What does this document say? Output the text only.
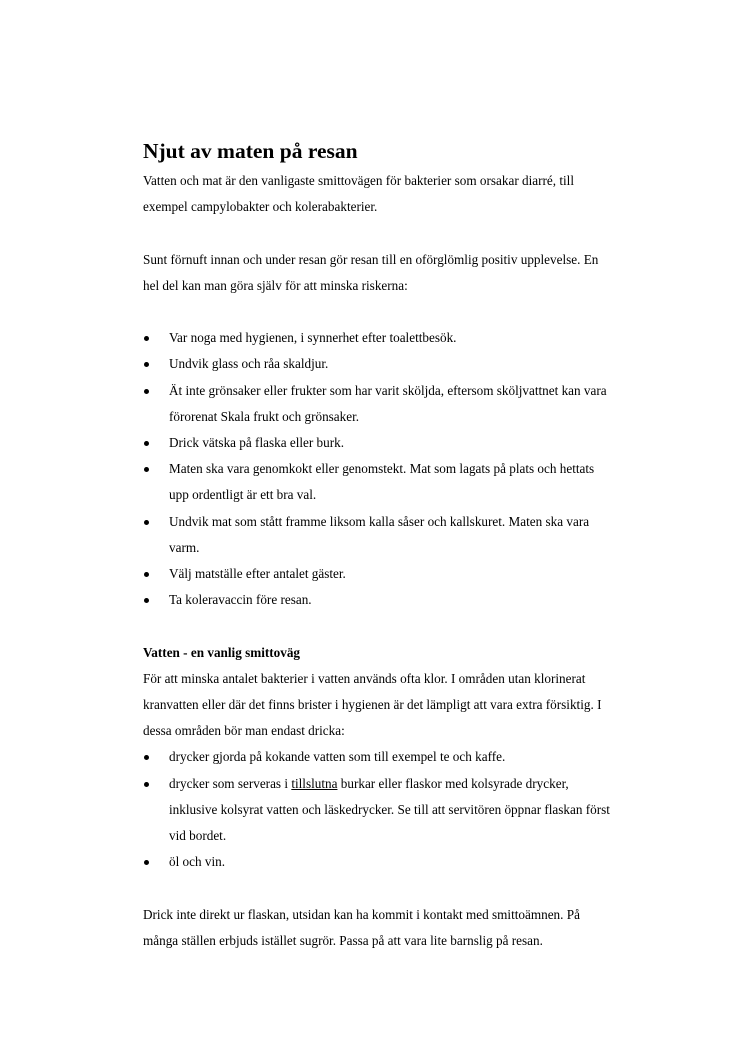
Njut av maten på resan

Vatten och mat är den vanligaste smittovägen för bakterier som orsakar diarré, till exempel campylobakter och kolerabakterier.

Sunt förnuft innan och under resan gör resan till en oförglömlig positiv upplevelse. En hel del kan man göra själv för att minska riskerna:

Var noga med hygienen, i synnerhet efter toalettbesök.
Undvik glass och råa skaldjur.
Ät inte grönsaker eller frukter som har varit sköljda, eftersom sköljvattnet kan vara förorenat Skala frukt och grönsaker.
Drick vätska på flaska eller burk.
Maten ska vara genomkokt eller genomstekt. Mat som lagats på plats och hettats upp ordentligt är ett bra val.
Undvik mat som stått framme liksom kalla såser och kallskuret. Maten ska vara varm.
Välj matställe efter antalet gäster.
Ta koleravaccin före resan.
Vatten - en vanlig smittoväg

För att minska antalet bakterier i vatten används ofta klor. I områden utan klorinerat kranvatten eller där det finns brister i hygienen är det lämpligt att vara extra försiktig. I dessa områden bör man endast dricka:

drycker gjorda på kokande vatten som till exempel te och kaffe.
drycker som serveras i tillslutna burkar eller flaskor med kolsyrade drycker, inklusive kolsyrat vatten och läskedrycker. Se till att servitören öppnar flaskan först vid bordet.
öl och vin.

Drick inte direkt ur flaskan, utsidan kan ha kommit i kontakt med smittoämnen. På många ställen erbjuds istället sugrör. Passa på att vara lite barnslig på resan.
